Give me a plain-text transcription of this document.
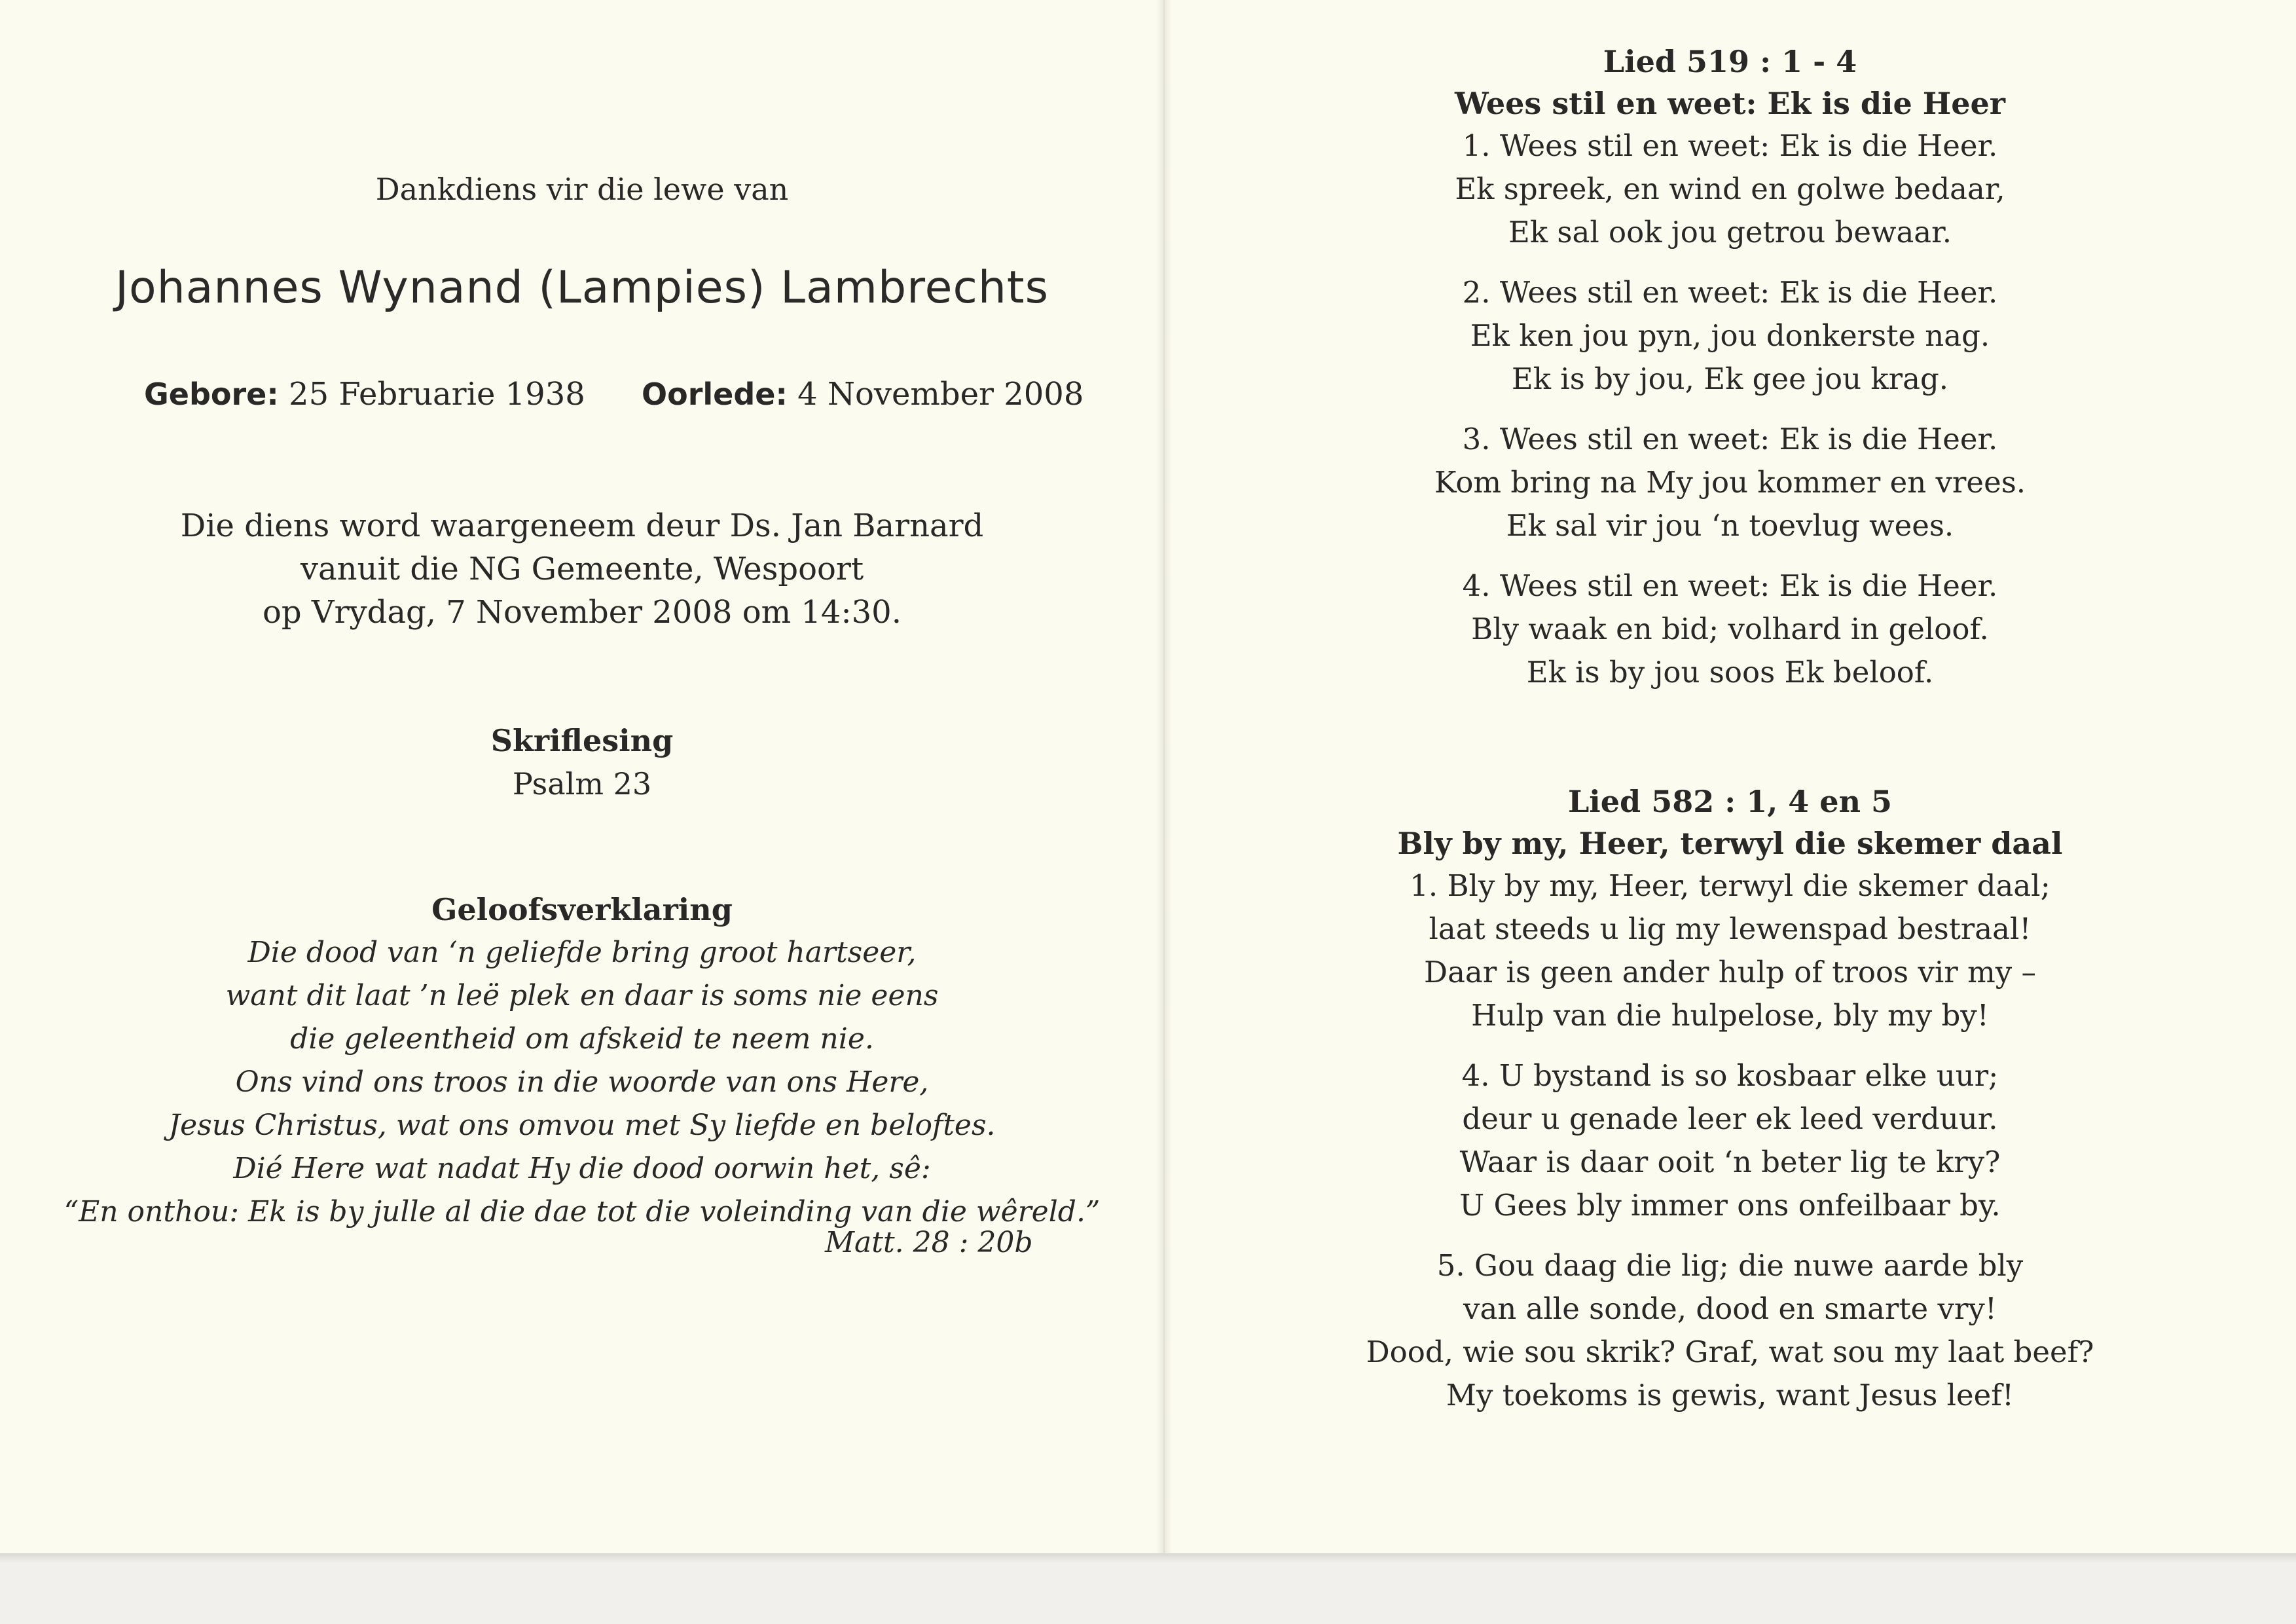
Dankdiens vir die lewe van
Johannes Wynand (Lampies) Lambrechts
Gebore: 25 Februarie 1938 Oorlede: 4 November 2008
Die diens word waargeneem deur Ds. Jan Barnard
vanuit die NG Gemeente, Wespoort
op Vrydag, 7 November 2008 om 14:30.
Skriflesing
Psalm 23
Geloofsverklaring
Die dood van ‘n geliefde bring groot hartseer,
want dit laat ’n leë plek en daar is soms nie eens
die geleentheid om afskeid te neem nie.
Ons vind ons troos in die woorde van ons Here,
Jesus Christus, wat ons omvou met Sy liefde en beloftes.
Dié Here wat nadat Hy die dood oorwin het, sê:
“En onthou: Ek is by julle al die dae tot die voleinding van die wêreld.”
Matt. 28 : 20b
Lied 519 : 1 - 4
Wees stil en weet: Ek is die Heer
1. Wees stil en weet: Ek is die Heer.
Ek spreek, en wind en golwe bedaar,
Ek sal ook jou getrou bewaar.
2. Wees stil en weet: Ek is die Heer.
Ek ken jou pyn, jou donkerste nag.
Ek is by jou, Ek gee jou krag.
3. Wees stil en weet: Ek is die Heer.
Kom bring na My jou kommer en vrees.
Ek sal vir jou ‘n toevlug wees.
4. Wees stil en weet: Ek is die Heer.
Bly waak en bid; volhard in geloof.
Ek is by jou soos Ek beloof.
Lied 582 : 1, 4 en 5
Bly by my, Heer, terwyl die skemer daal
1. Bly by my, Heer, terwyl die skemer daal;
laat steeds u lig my lewenspad bestraal!
Daar is geen ander hulp of troos vir my –
Hulp van die hulpelose, bly my by!
4. U bystand is so kosbaar elke uur;
deur u genade leer ek leed verduur.
Waar is daar ooit ‘n beter lig te kry?
U Gees bly immer ons onfeilbaar by.
5. Gou daag die lig; die nuwe aarde bly
van alle sonde, dood en smarte vry!
Dood, wie sou skrik? Graf, wat sou my laat beef?
My toekoms is gewis, want Jesus leef!
